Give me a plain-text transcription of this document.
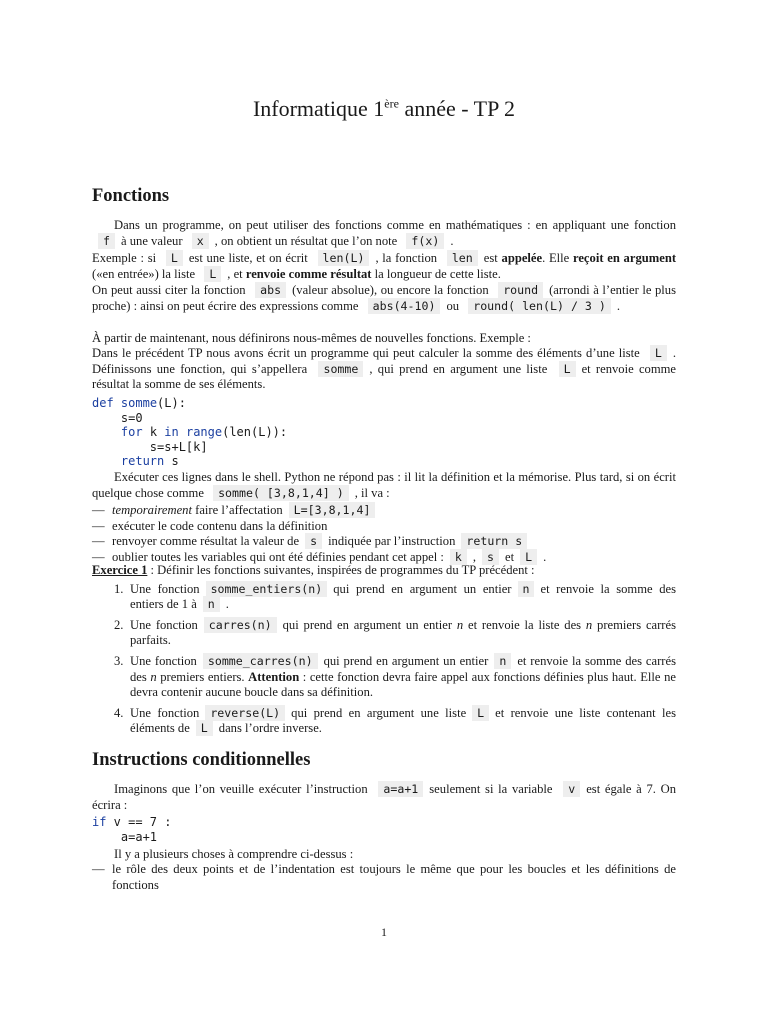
Informatique 1ère année - TP 2
Fonctions
Dans un programme, on peut utiliser des fonctions comme en mathématiques : en appliquant une fonction f à une valeur x , on obtient un résultat que l’on note f(x) .
Exemple : si L est une liste, et on écrit len(L) , la fonction len est appelée. Elle reçoit en argument («en entrée») la liste L , et renvoie comme résultat la longueur de cette liste.
On peut aussi citer la fonction abs (valeur absolue), ou encore la fonction round (arrondi à l’entier le plus proche) : ainsi on peut écrire des expressions comme abs(4-10) ou round( len(L) / 3 ) .
À partir de maintenant, nous définirons nous-mêmes de nouvelles fonctions. Exemple :
Dans le précédent TP nous avons écrit un programme qui peut calculer la somme des éléments d’une liste L . Définissons une fonction, qui s’appellera somme , qui prend en argument une liste L et renvoie comme résultat la somme de ses éléments.
def somme(L):
s=0
for k in range(len(L)):
s=s+L[k]
return s
Exécuter ces lignes dans le shell. Python ne répond pas : il lit la définition et la mémorise. Plus tard, si on écrit quelque chose comme somme( [3,8,1,4] ) , il va :
— temporairement faire l’affectation L=[3,8,1,4]
— exécuter le code contenu dans la définition
— renvoyer comme résultat la valeur de s indiquée par l’instruction return s
— oublier toutes les variables qui ont été définies pendant cet appel : k , s et L .
Exercice 1 : Définir les fonctions suivantes, inspirées de programmes du TP précédent :
1. Une fonction somme_entiers(n) qui prend en argument un entier n et renvoie la somme des entiers de 1 à n .
2. Une fonction carres(n) qui prend en argument un entier n et renvoie la liste des n premiers carrés parfaits.
3. Une fonction somme_carres(n) qui prend en argument un entier n et renvoie la somme des carrés des n premiers entiers. Attention : cette fonction devra faire appel aux fonctions définies plus haut. Elle ne devra contenir aucune boucle dans sa définition.
4. Une fonction reverse(L) qui prend en argument une liste L et renvoie une liste contenant les éléments de L dans l’ordre inverse.
Instructions conditionnelles
Imaginons que l’on veuille exécuter l’instruction a=a+1 seulement si la variable v est égale à 7. On écrira :
if v == 7 :
a=a+1
Il y a plusieurs choses à comprendre ci-dessus :
— le rôle des deux points et de l’indentation est toujours le même que pour les boucles et les définitions de fonctions
1
